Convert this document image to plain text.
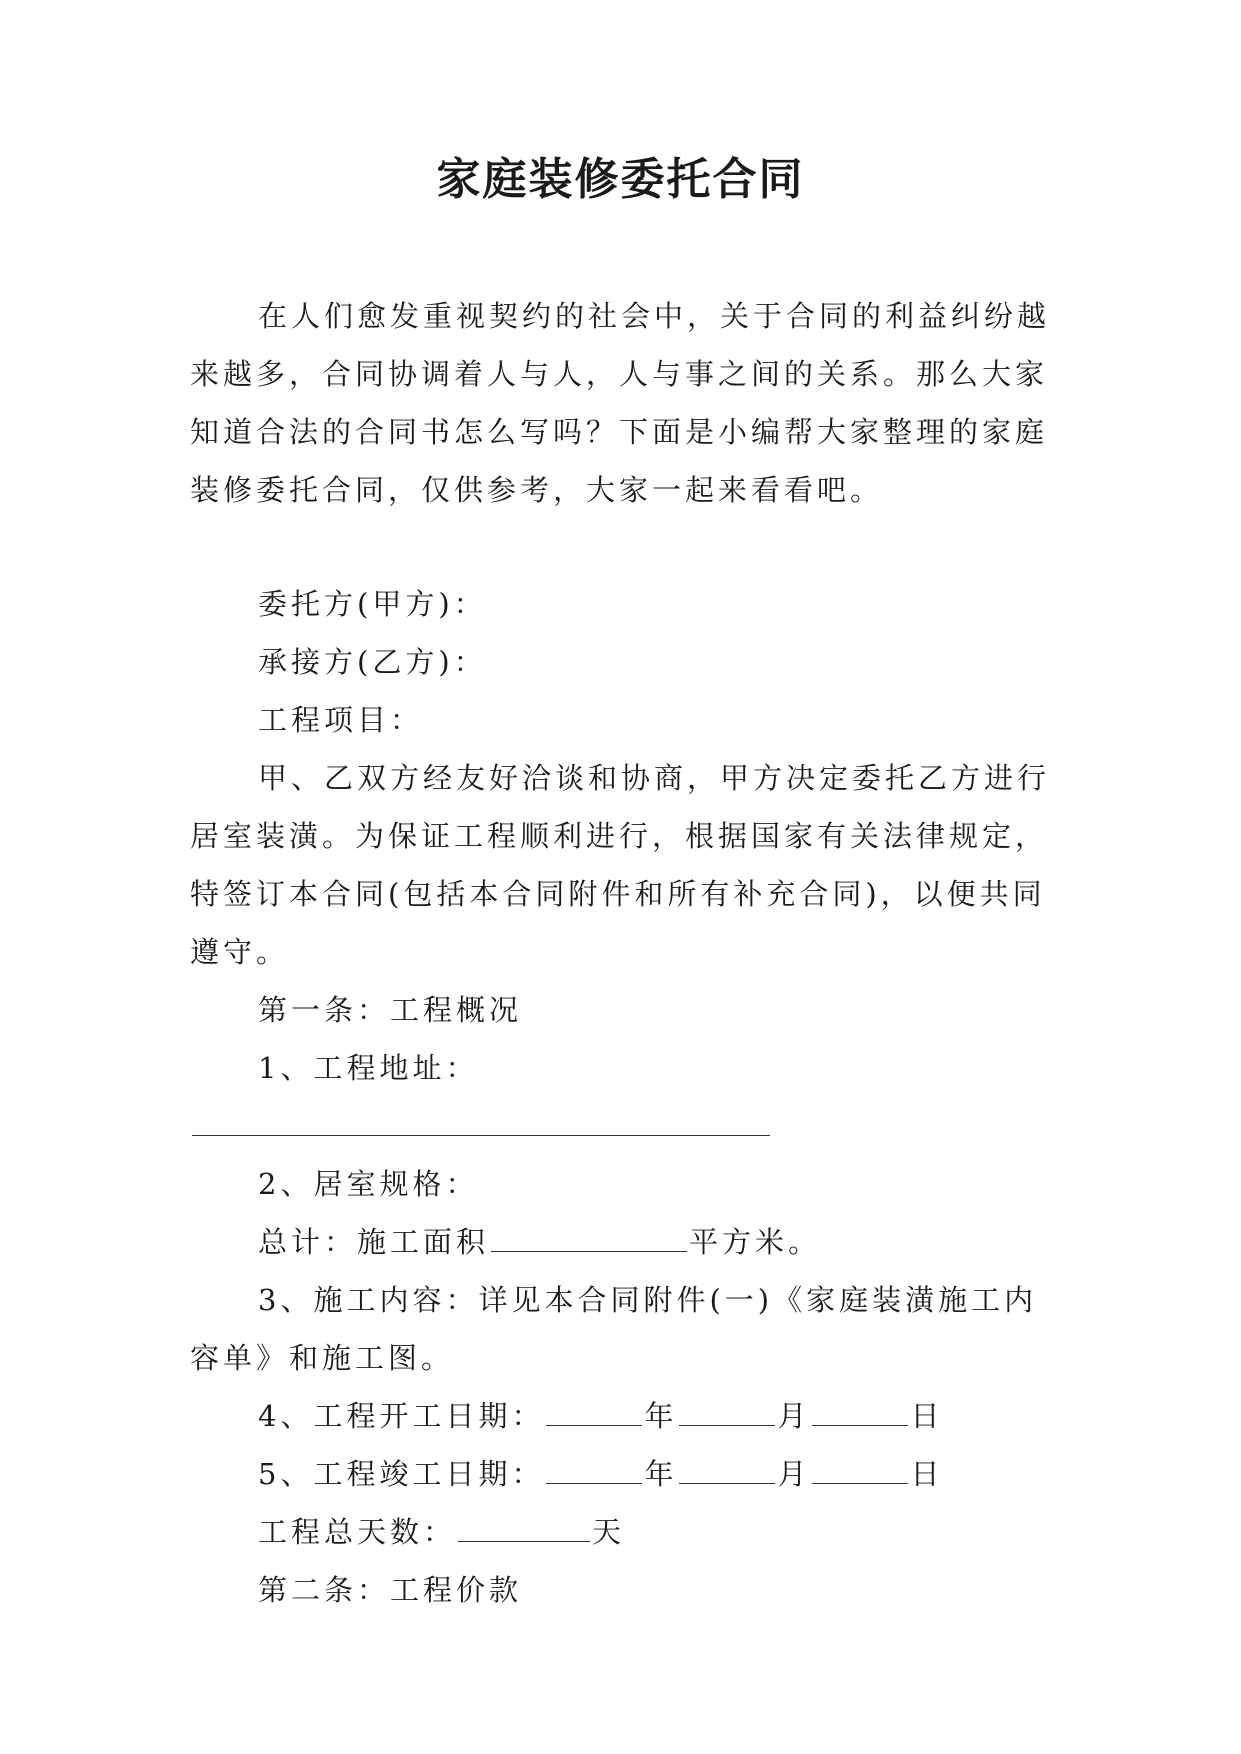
家庭装修委托合同

在人们愈发重视契约的社会中，关于合同的利益纠纷越来越多，合同协调着人与人，人与事之间的关系。那么大家知道合法的合同书怎么写吗？下面是小编帮大家整理的家庭装修委托合同，仅供参考，大家一起来看看吧。

委托方(甲方)：

承接方(乙方)：

工程项目：

甲、乙双方经友好洽谈和协商，甲方决定委托乙方进行居室装潢。为保证工程顺利进行，根据国家有关法律规定，特签订本合同(包括本合同附件和所有补充合同)，以便共同遵守。

第一条：工程概况

1、工程地址：

2、居室规格：

总计：施工面积	平方米。

3、施工内容：详见本合同附件(一)《家庭装潢施工内容单》和施工图。

4、工程开工日期：	年	月	日

5、工程竣工日期：	年	月	日

工程总天数：	天

第二条：工程价款
